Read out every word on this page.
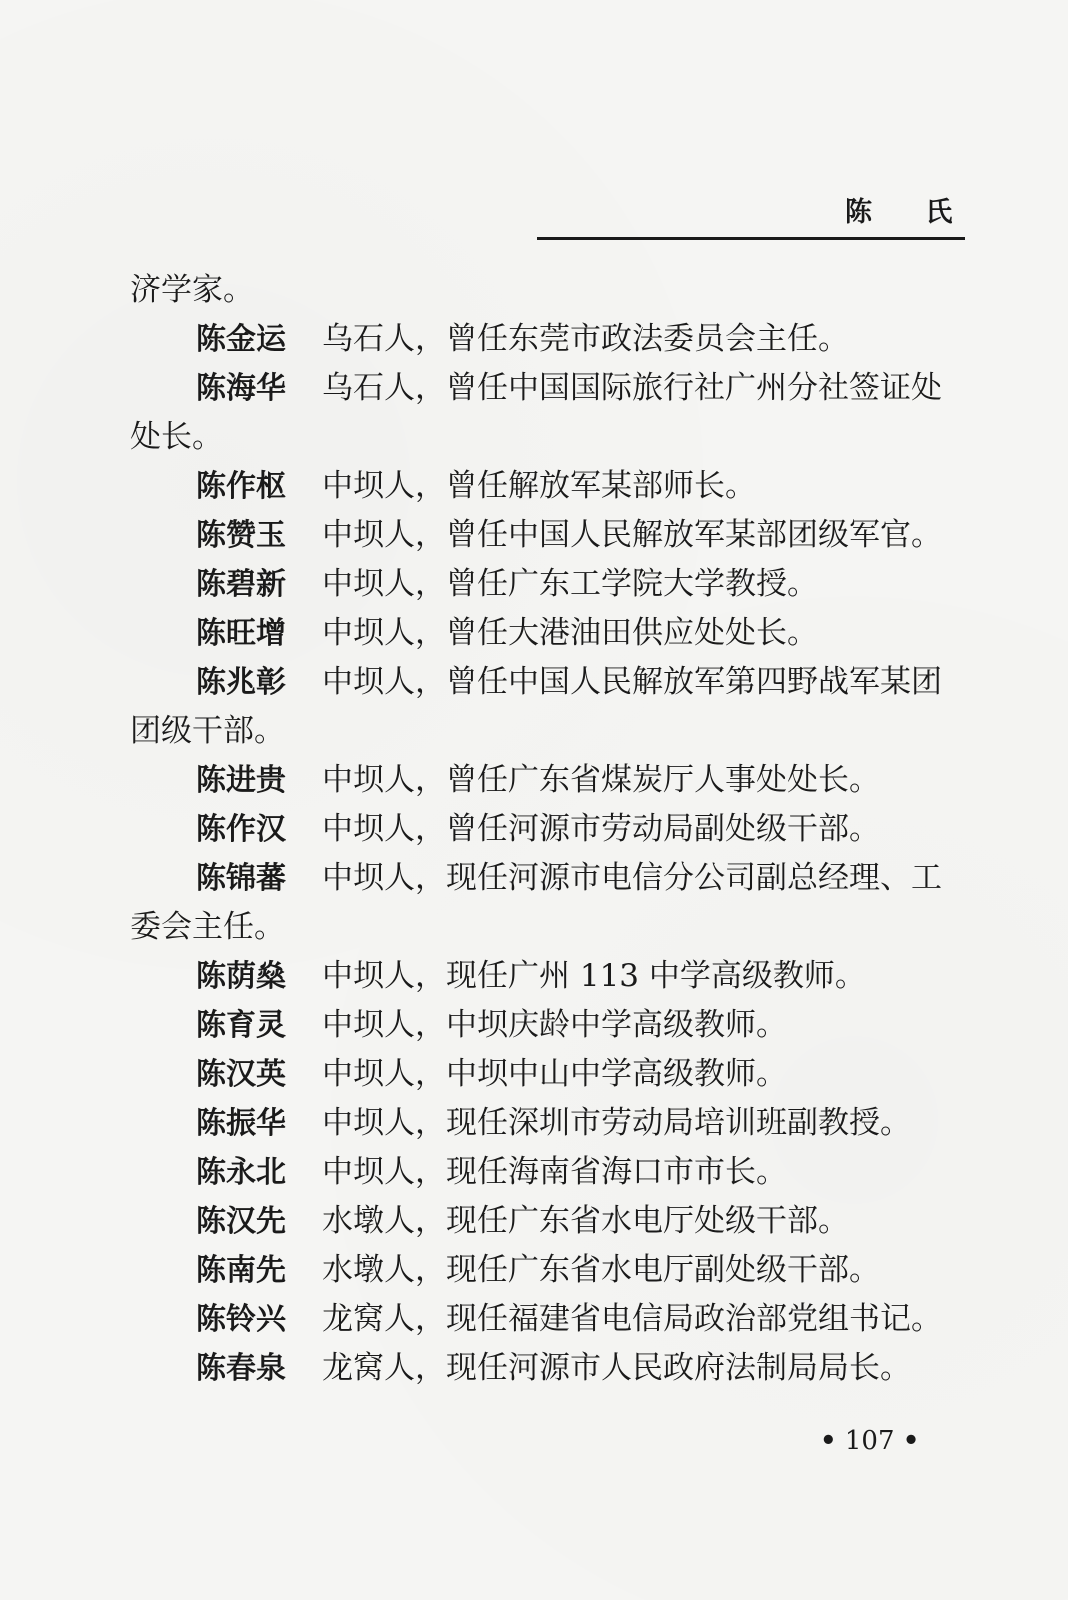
陈 氏
济学家。
陈金运 乌石人，曾任东莞市政法委员会主任。
陈海华 乌石人，曾任中国国际旅行社广州分社签证处
处长。
陈作枢 中坝人，曾任解放军某部师长。
陈赞玉 中坝人，曾任中国人民解放军某部团级军官。
陈碧新 中坝人，曾任广东工学院大学教授。
陈旺增 中坝人，曾任大港油田供应处处长。
陈兆彰 中坝人，曾任中国人民解放军第四野战军某团
团级干部。
陈进贵 中坝人，曾任广东省煤炭厅人事处处长。
陈作汉 中坝人，曾任河源市劳动局副处级干部。
陈锦蕃 中坝人，现任河源市电信分公司副总经理、工
委会主任。
陈荫燊 中坝人，现任广州 113 中学高级教师。
陈育灵 中坝人，中坝庆龄中学高级教师。
陈汉英 中坝人，中坝中山中学高级教师。
陈振华 中坝人，现任深圳市劳动局培训班副教授。
陈永北 中坝人，现任海南省海口市市长。
陈汉先 水墩人，现任广东省水电厅处级干部。
陈南先 水墩人，现任广东省水电厅副处级干部。
陈铃兴 龙窝人，现任福建省电信局政治部党组书记。
陈春泉 龙窝人，现任河源市人民政府法制局局长。
• 107 •
